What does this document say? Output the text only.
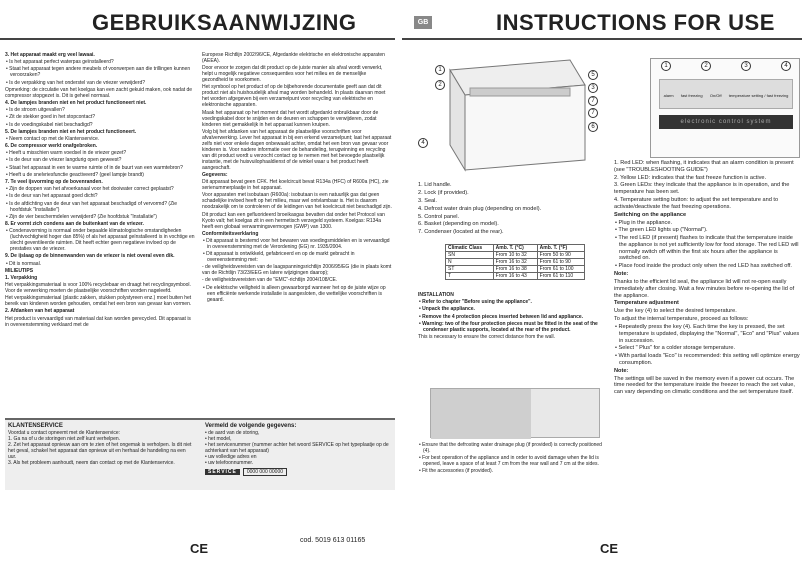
GEBRUIKSAANWIJZING	GB	INSTRUCTIONS FOR USE
3. Het apparaat maakt erg veel lawaai.
• Is het apparaat perfect waterpas geïnstalleerd?
• Staat het apparaat tegen andere meubels of voorwerpen aan die trillingen kunnen veroorzaken?
• Is de verpakking van het onderstel van de vriezer verwijderd?
Opmerking: de circulatie van het koelgas kan een zacht gekuid maken, ook nadat de compressor stopgezet is. Dit is geheel normaal.
4. De lampjes branden niet en het product functioneert niet.
• Is de stroom uitgevallen?
• Zit de stekker goed in het stopcontact?
• Is de voedingskabel niet beschadigd?
5. De lampjes branden niet en het product functioneert.
• Neem contact op met de Klantenservice.
6. De compressor werkt onafgebroken.
• Heeft u misschien warm voedsel in de vriezer gezet?
• Is de deur van de vriezer langdurig open geweest?
• Staat het apparaat in een te warme ruimte of in de buurt van een warmtebron?
• Heeft u de snelvriesfunctie geactiveerd? (geel lampje brandt)
7. Te veel ijsvorming op de bovenranden.
• Zijn de doppen van het afvoerkanaal voor het dooiwater correct geplaatst?
• Is de deur van het apparaat goed dicht?
• Is de afdichting van de deur van het apparaat beschadigd of vervormd? (Zie hoofdstuk "Installatie")
• Zijn de vier beschermdelen verwijderd? (Zie hoofdstuk "Installatie")
8. Er vormt zich condens aan de buitenkant van de vriezer.
• Condensvorming is normaal onder bepaalde klimatologische omstandigheden (luchtvochtigheid hoger dan 85%) of als het apparaat geïnstalleerd is in vochtige en slecht geventileerde ruimten. Dit heeft echter geen negatieve invloed op de prestaties van de vriezer.
9. De ijslaag op de binnenwanden van de vriezer is niet overal even dik.
• Dit is normaal.
MILIEUTIPS
1. Verpakking
Het verpakkingsmateriaal is voor 100% recyclebaar en draagt het recyclingsymbool. Voor de verwerking moeten de plaatselijke voorschriften worden nageleefd.
Het verpakkingsmateriaal (plastic zakken, stukken polystyreen enz.) moet buiten het bereik van kinderen worden gehouden, omdat het een bron van gevaar kan vormen.
2. Afdanken van het apparaat
Het product is vervaardigd van materiaal dat kan worden gerecycled. Dit apparaat is in overeenstemming verklaard met de
Europese Richtlijn 2002/96/CE, Afgedankte elektrische en elektronische apparaten (AEEA).
Door ervoor te zorgen dat dit product op de juiste manier als afval wordt verwerkt, helpt u mogelijk negatieve consequenties voor het milieu en de menselijke gezondheid te voorkomen.
Het symbool op het product of op de bijbehorende documentatie geeft aan dat dit product niet als huishoudelijk afval mag worden behandeld. In plaats daarvan moet het worden afgegeven bij een verzamelpunt voor recycling van elektrische en elektronische apparaten.
Maak het apparaat op het moment dat het wordt afgedankt onbruikbaar door de voedingskabel door te snijden en de deuren en schappen te verwijderen, zodat kinderen niet gemakkelijk in het apparaat kunnen kruipen.
Volg bij het afdanken van het apparaat de plaatselijke voorschriften voor afvalverwerking. Lever het apparaat in bij een erkend verzamelpunt; laat het apparaat zelfs niet voor enkele dagen onbewaakt achter, omdat het een bron van gevaar voor kinderen is. Voor nadere informatie over de behandeling, terugwinning en recycling van dit product wordt u verzocht contact op te nemen met het bevoegde plaatselijk instantie, met de huisvuilophaaldienst of de winkel waar u het product heeft aangeschaft.
Gegevens:
Dit apparaat bevat geen CFK. Het koelcircuit bevat R134a (HFC) of R600a (HC), zie serienummerplaatje in het apparaat.
Voor apparaten met isobutaan (R600a): isobutaan is een natuurlijk gas dat geen schadelijke invloed heeft op het milieu, maar wel ontvlambaar is. Het is daarom noodzakelijk om te controleren of de leidingen van het koelcircuit niet beschadigd zijn.
Dit product kan een gefluorideerd broeikasgas bevatten dat onder het Protocol van Kyoto valt; het koelgas zit in een hermetisch verzegeld systeem. Koelgas: R134a heeft een globaal verwarmingsvermogen (GWP) van 1300.
Conformiteitsverklaring
• Dit apparaat is bestemd voor het bewaren van voedingsmiddelen en is vervaardigd in overeenstemming met de Verordening (EG) nr. 1935/2004.
• Dit apparaat is ontwikkeld, gefabriceerd en op de markt gebracht in overeenstemming met:
- de veiligheidsvereisten van de laagspanningsrichtlijn 2006/95/EG (die in plaats komt van de Richtlijn 73/23/EEG en latere wijzigingen daarop);
- de veiligheidsvereisten van de "EMC"-richtlijn 2004/108/CE.
• De elektrische veiligheid is alleen gewaarborgd wanneer het op de juiste wijze op een efficiënte werkende installatie is aangesloten, die wettelijke voorschriften is geaard.
KLANTENSERVICE
Voordat u contact opneemt met de Klantenservice:
1. Ga na of u de storingen niet zelf kunt verhelpen.
2. Zet het apparaat opnieuw aan om te zien of het ongemak is verholpen. Is dit niet het geval, schakel het apparaat dan opnieuw uit en herhaal de handeling na een uur.
3. Als het probleem aanhoudt, neem dan contact op met de Klantenservice.
Vermeld de volgende gegevens:
• de aard van de storing,
• het model,
• het servicenummer (nummer achter het woord SERVICE op het typeplaatje op de achterkant van het apparaat)
• uw volledige adres en
• uw telefoonnummer.
SERVICE	0000 000 00000
CE
cod. 5019 613 01165
CE
1
2
5
3
7
7
6
4
1. Lid handle.
2. Lock (if provided).
3. Seal.
4. Defrost water drain plug (depending on model).
5. Control panel.
6. Basket (depending on model).
7. Condenser (located at the rear).
Climatic Class	Amb. T. (°C)	Amb. T. (°F)
SN	From 10 to 32	From 50 to 90
N	From 16 to 32	From 61 to 90
ST	From 16 to 38	From 61 to 100
T	From 16 to 43	From 61 to 110
INSTALLATION
• Refer to chapter "Before using the appliance".
• Unpack the appliance.
• Remove the 4 protection pieces inserted between lid and appliance.
• Warning: two of the four protection pieces must be fitted in the seat of the condenser plastic supports, located at the rear of the product.
This is necessary to ensure the correct distance from the wall.
• Ensure that the defrosting water drainage plug (if provided) is correctly positioned (4).
• For best operation of the appliance and in order to avoid damage when the lid is opened, leave a space of at least 7 cm from the rear wall and 7 cm at the sides.
• Fit the accessories (if provided).
1	2	3	4
alarm fast freezing On/Off temperature setting / fast freezing
electronic control system
1. Red LED: when flashing, it indicates that an alarm condition is present (see "TROUBLESHOOTING GUIDE")
2. Yellow LED: indicates that the fast freeze function is active.
3. Green LEDs: they indicate that the appliance is in operation, and the temperature has been set.
4. Temperature setting button: to adjust the set temperature and to activate/deactivate the fast freezing operations.
Switching on the appliance
• Plug in the appliance.
• The green LED lights up ("Normal").
• The red LED (if present) flashes to indicate that the temperature inside the appliance is not yet sufficiently low for food storage. The red LED will normally switch off within the first six hours after the appliance is switched on.
• Place food inside the product only when the red LED has switched off.
Note:
Thanks to the efficient lid seal, the appliance lid will not re-open easily immediately after closing. Wait a few minutes before re-opening the lid of the appliance.
Temperature adjustment
Use the key (4) to select the desired temperature.
To adjust the internal temperature, proceed as follows:
• Repeatedly press the key (4). Each time the key is pressed, the set temperature is updated, displaying the "Normal", "Eco" and "Plus" values in succession.
• Select " Plus" for a colder storage temperature.
• With partial loads "Eco" is recommended: this setting will optimize energy consumption.
Note:
The settings will be saved in the memory even if a power cut occurs. The time needed for the temperature inside the freezer to reach the set value, can vary depending on climatic conditions and the set temperature itself.
